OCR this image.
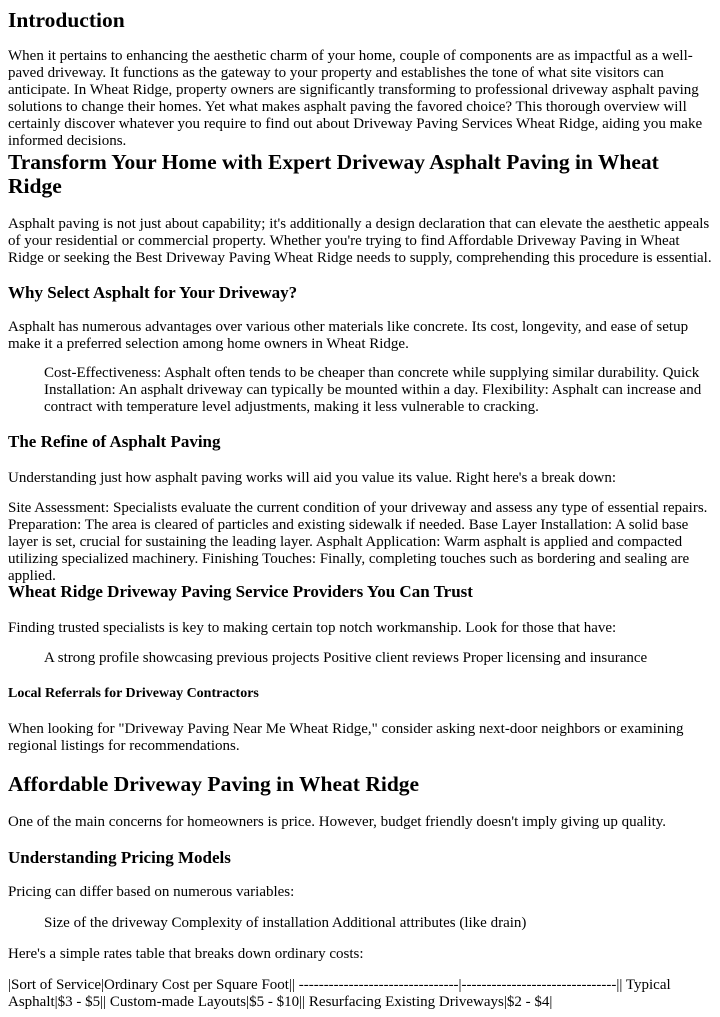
Introduction

When it pertains to enhancing the aesthetic charm of your home, couple of components are as impactful as a well-paved driveway. It functions as the gateway to your property and establishes the tone of what site visitors can anticipate. In Wheat Ridge, property owners are significantly transforming to professional driveway asphalt paving solutions to change their homes. Yet what makes asphalt paving the favored choice? This thorough overview will certainly discover whatever you require to find out about Driveway Paving Services Wheat Ridge, aiding you make informed decisions.

Transform Your Home with Expert Driveway Asphalt Paving in Wheat Ridge

Asphalt paving is not just about capability; it's additionally a design declaration that can elevate the aesthetic appeals of your residential or commercial property. Whether you're trying to find Affordable Driveway Paving in Wheat Ridge or seeking the Best Driveway Paving Wheat Ridge needs to supply, comprehending this procedure is essential.

Why Select Asphalt for Your Driveway?

Asphalt has numerous advantages over various other materials like concrete. Its cost, longevity, and ease of setup make it a preferred selection among home owners in Wheat Ridge.

Cost-Effectiveness: Asphalt often tends to be cheaper than concrete while supplying similar durability. Quick Installation: An asphalt driveway can typically be mounted within a day. Flexibility: Asphalt can increase and contract with temperature level adjustments, making it less vulnerable to cracking.

The Refine of Asphalt Paving

Understanding just how asphalt paving works will aid you value its value. Right here's a break down:

Site Assessment: Specialists evaluate the current condition of your driveway and assess any type of essential repairs. Preparation: The area is cleared of particles and existing sidewalk if needed. Base Layer Installation: A solid base layer is set, crucial for sustaining the leading layer. Asphalt Application: Warm asphalt is applied and compacted utilizing specialized machinery. Finishing Touches: Finally, completing touches such as bordering and sealing are applied.

Wheat Ridge Driveway Paving Service Providers You Can Trust

Finding trusted specialists is key to making certain top notch workmanship. Look for those that have:

A strong profile showcasing previous projects Positive client reviews Proper licensing and insurance

Local Referrals for Driveway Contractors

When looking for "Driveway Paving Near Me Wheat Ridge," consider asking next-door neighbors or examining regional listings for recommendations.

Affordable Driveway Paving in Wheat Ridge

One of the main concerns for homeowners is price. However, budget friendly doesn't imply giving up quality.

Understanding Pricing Models

Pricing can differ based on numerous variables:

Size of the driveway Complexity of installation Additional attributes (like drain)

Here's a simple rates table that breaks down ordinary costs:

|Sort of Service|Ordinary Cost per Square Foot|| --------------------------------|-------------------------------|| Typical Asphalt|$3 - $5|| Custom-made Layouts|$5 - $10|| Resurfacing Existing Driveways|$2 - $4|
